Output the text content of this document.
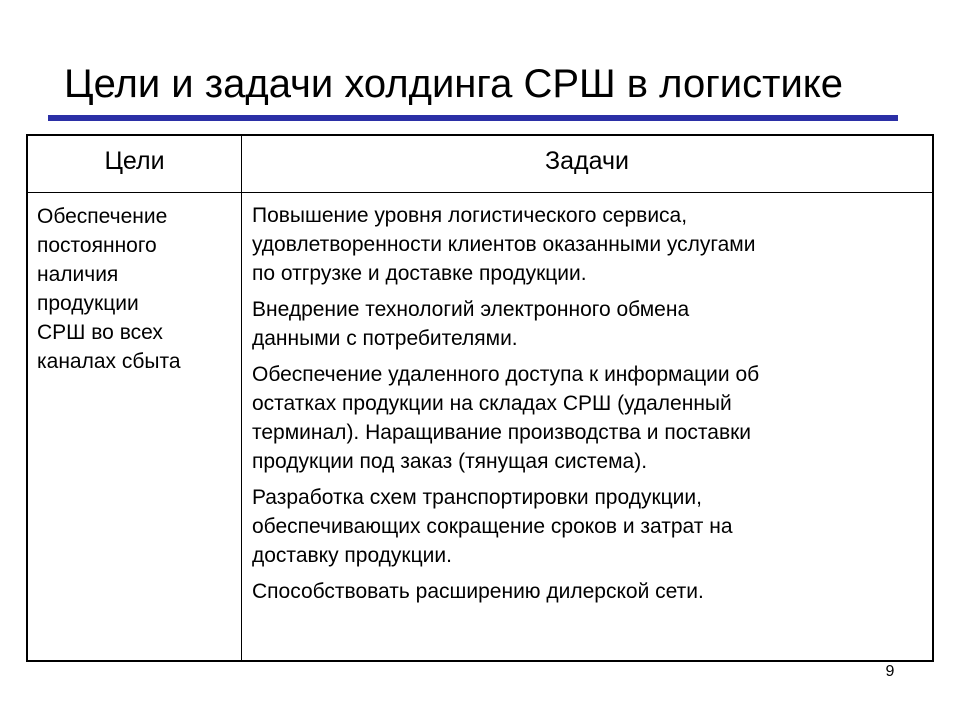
Цели и задачи холдинга СРШ в логистике
Цели	Задачи
Обеспечение
постоянного
наличия
продукции
СРШ во всех
каналах сбыта

Повышение уровня логистического сервиса,
удовлетворенности клиентов оказанными услугами
по отгрузке и доставке продукции.

Внедрение технологий электронного обмена
данными с потребителями.

Обеспечение удаленного доступа к информации об
остатках продукции на складах СРШ (удаленный
терминал). Наращивание производства и поставки
продукции под заказ (тянущая система).

Разработка схем транспортировки продукции,
обеспечивающих сокращение сроков и затрат на
доставку продукции.

Способствовать расширению дилерской сети.

9
